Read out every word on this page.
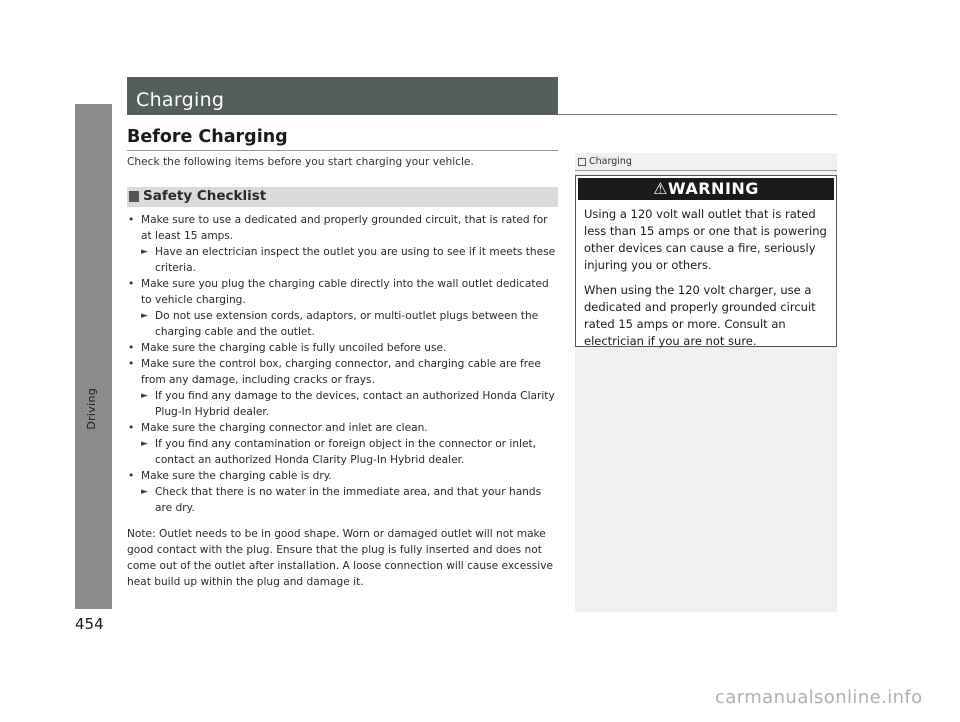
Driving
454
Charging
Before Charging
Check the following items before you start charging your vehicle.
Safety Checklist

• Make sure to use a dedicated and properly grounded circuit, that is rated for at least 15 amps.

► Have an electrician inspect the outlet you are using to see if it meets these criteria.

• Make sure you plug the charging cable directly into the wall outlet dedicated to vehicle charging.

► Do not use extension cords, adaptors, or multi-outlet plugs between the charging cable and the outlet.

• Make sure the charging cable is fully uncoiled before use.

• Make sure the control box, charging connector, and charging cable are free from any damage, including cracks or frays.

► If you find any damage to the devices, contact an authorized Honda Clarity Plug-In Hybrid dealer.

• Make sure the charging connector and inlet are clean.

► If you find any contamination or foreign object in the connector or inlet, contact an authorized Honda Clarity Plug-In Hybrid dealer.

• Make sure the charging cable is dry.

► Check that there is no water in the immediate area, and that your hands are dry.

Note: Outlet needs to be in good shape. Worn or damaged outlet will not make good contact with the plug. Ensure that the plug is fully inserted and does not come out of the outlet after installation. A loose connection will cause excessive heat build up within the plug and damage it.

Charging
⚠WARNING

Using a 120 volt wall outlet that is rated less than 15 amps or one that is powering other devices can cause a fire, seriously injuring you or others.

When using the 120 volt charger, use a dedicated and properly grounded circuit rated 15 amps or more. Consult an electrician if you are not sure.

carmanualsonline.info
